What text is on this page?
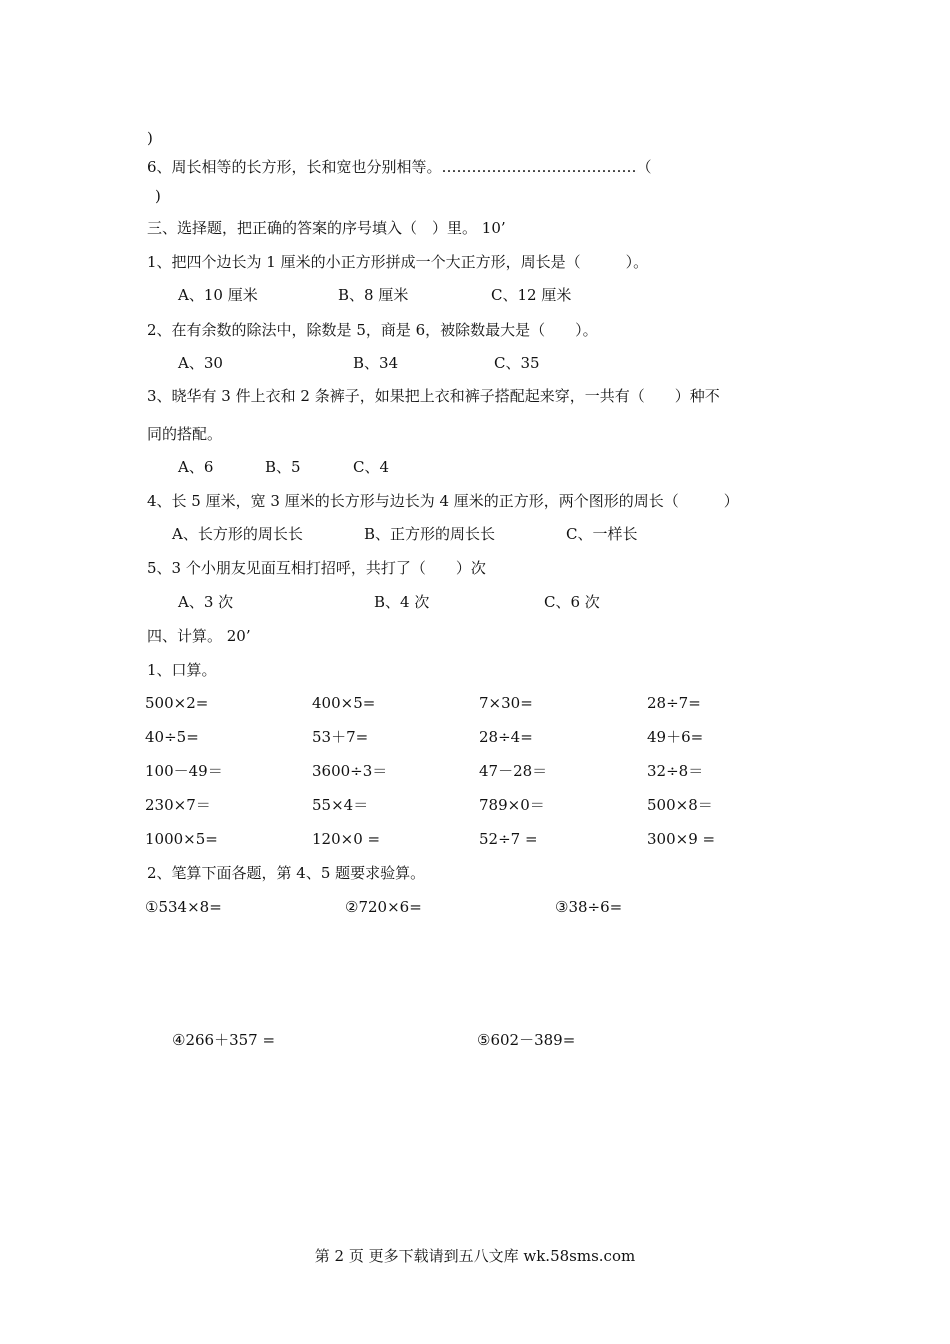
)
6、周长相等的长方形，长和宽也分别相等。…………………………………（
)
三、选择题，把正确的答案的序号填入（　）里。 10’
1、把四个边长为 1 厘米的小正方形拼成一个大正方形，周长是（　　　）。
A、10 厘米	B、8 厘米	C、12 厘米
2、在有余数的除法中，除数是 5，商是 6，被除数最大是（　　）。
A、30	B、34	C、35
3、晓华有 3 件上衣和 2 条裤子，如果把上衣和裤子搭配起来穿，一共有（　　）种不
同的搭配。
A、6	B、5	C、4
4、长 5 厘米，宽 3 厘米的长方形与边长为 4 厘米的正方形，两个图形的周长（　　　）
A、长方形的周长长	B、正方形的周长长	C、一样长
5、3 个小朋友见面互相打招呼，共打了（　　）次
A、3 次	B、4 次	C、6 次
四、计算。 20’
1、口算。
500×2=	400×5=	7×30=	28÷7=
40÷5=	53＋7=	28÷4=	49＋6=
100－49＝	3600÷3＝	47－28＝	32÷8＝
230×7＝	55×4＝	789×0＝	500×8＝
1000×5=	120×0 =	52÷7 =	300×9 =
2、笔算下面各题，第 4、5 题要求验算。
①534×8=	②720×6=	③38÷6=
④266＋357 =	⑤602－389=
第 2 页 更多下载请到五八文库 wk.58sms.com
